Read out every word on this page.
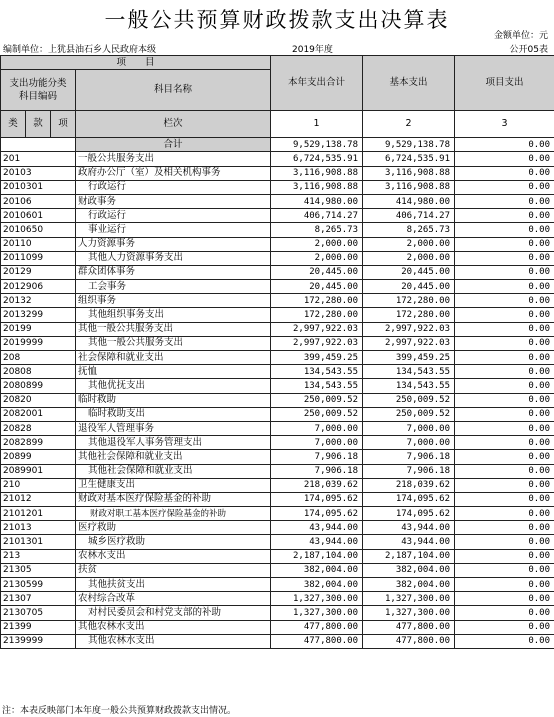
一般公共预算财政拨款支出决算表
金额单位：元
编制单位：上犹县油石乡人民政府本级	2019年度	公开05表
项　　目				本年支出合计	基本支出	项目支出
支出功能分类
科目编码			科目名称			
类	款	项				
			栏次	1	2	3
			合计	9,529,138.78	9,529,138.78	0.00
201			一般公共服务支出	6,724,535.91	6,724,535.91	0.00
20103			政府办公厅（室）及相关机构事务	3,116,908.88	3,116,908.88	0.00
2010301			行政运行	3,116,908.88	3,116,908.88	0.00
20106			财政事务	414,980.00	414,980.00	0.00
2010601			行政运行	406,714.27	406,714.27	0.00
2010650			事业运行	8,265.73	8,265.73	0.00
20110			人力资源事务	2,000.00	2,000.00	0.00
2011099			其他人力资源事务支出	2,000.00	2,000.00	0.00
20129			群众团体事务	20,445.00	20,445.00	0.00
2012906			工会事务	20,445.00	20,445.00	0.00
20132			组织事务	172,280.00	172,280.00	0.00
2013299			其他组织事务支出	172,280.00	172,280.00	0.00
20199			其他一般公共服务支出	2,997,922.03	2,997,922.03	0.00
2019999			其他一般公共服务支出	2,997,922.03	2,997,922.03	0.00
208			社会保障和就业支出	399,459.25	399,459.25	0.00
20808			抚恤	134,543.55	134,543.55	0.00
2080899			其他优抚支出	134,543.55	134,543.55	0.00
20820			临时救助	250,009.52	250,009.52	0.00
2082001			临时救助支出	250,009.52	250,009.52	0.00
20828			退役军人管理事务	7,000.00	7,000.00	0.00
2082899			其他退役军人事务管理支出	7,000.00	7,000.00	0.00
20899			其他社会保障和就业支出	7,906.18	7,906.18	0.00
2089901			其他社会保障和就业支出	7,906.18	7,906.18	0.00
210			卫生健康支出	218,039.62	218,039.62	0.00
21012			财政对基本医疗保险基金的补助	174,095.62	174,095.62	0.00
2101201			财政对职工基本医疗保险基金的补助	174,095.62	174,095.62	0.00
21013			医疗救助	43,944.00	43,944.00	0.00
2101301			城乡医疗救助	43,944.00	43,944.00	0.00
213			农林水支出	2,187,104.00	2,187,104.00	0.00
21305			扶贫	382,004.00	382,004.00	0.00
2130599			其他扶贫支出	382,004.00	382,004.00	0.00
21307			农村综合改革	1,327,300.00	1,327,300.00	0.00
2130705			对村民委员会和村党支部的补助	1,327,300.00	1,327,300.00	0.00
21399			其他农林水支出	477,800.00	477,800.00	0.00
2139999			其他农林水支出	477,800.00	477,800.00	0.00
注：本表反映部门本年度一般公共预算财政拨款支出情况。
